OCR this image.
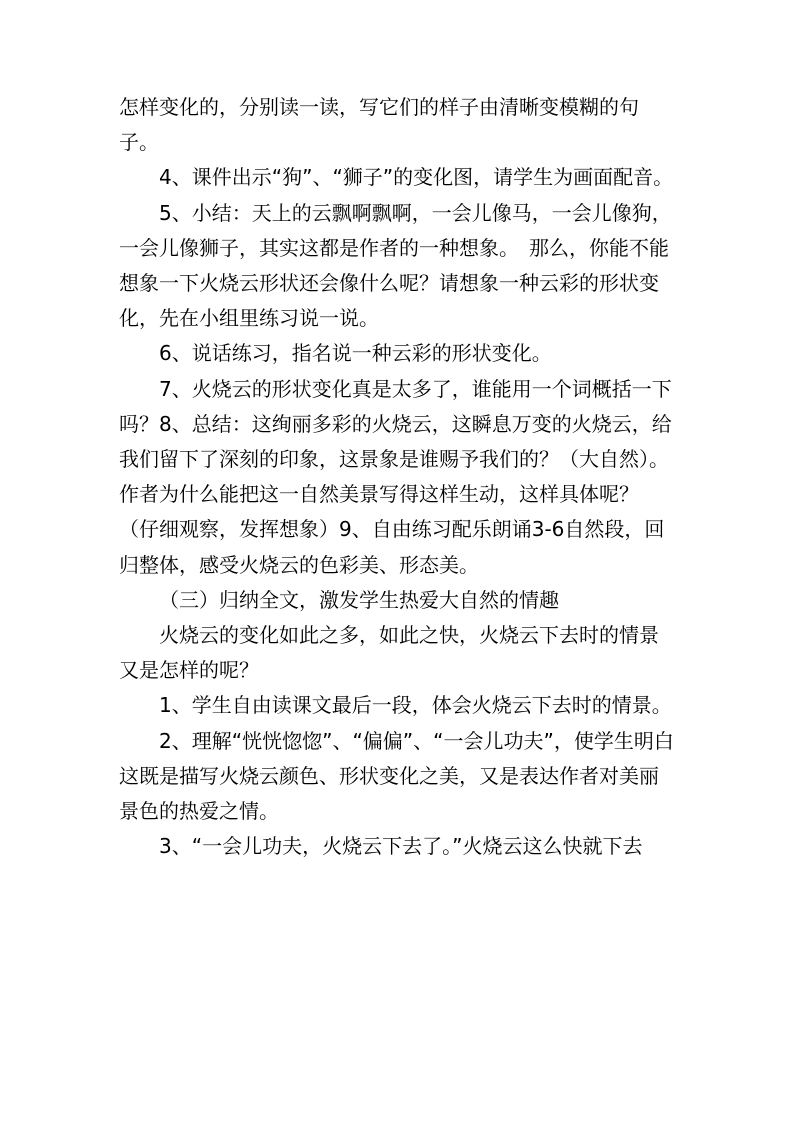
怎样变化的，分别读一读，写它们的样子由清晰变模糊的句子。

4、课件出示“狗”、“狮子”的变化图，请学生为画面配音。

5、小结：天上的云飘啊飘啊，一会儿像马，一会儿像狗，一会儿像狮子，其实这都是作者的一种想象。　那么，你能不能想象一下火烧云形状还会像什么呢？请想象一种云彩的形状变化，先在小组里练习说一说。

6、说话练习，指名说一种云彩的形状变化。

7、火烧云的形状变化真是太多了，谁能用一个词概括一下吗？8、总结：这绚丽多彩的火烧云，这瞬息万变的火烧云，给我们留下了深刻的印象，这景象是谁赐予我们的？（大自然）。作者为什么能把这一自然美景写得这样生动，这样具体呢？（仔细观察，发挥想象）9、自由练习配乐朗诵3-6自然段，回归整体，感受火烧云的色彩美、形态美。

（三）归纳全文，激发学生热爱大自然的情趣

火烧云的变化如此之多，如此之快，火烧云下去时的情景又是怎样的呢？

1、学生自由读课文最后一段，体会火烧云下去时的情景。

2、理解“恍恍惚惚”、“偏偏”、“一会儿功夫”，使学生明白这既是描写火烧云颜色、形状变化之美，又是表达作者对美丽景色的热爱之情。

3、“一会儿功夫，火烧云下去了。”火烧云这么快就下去
